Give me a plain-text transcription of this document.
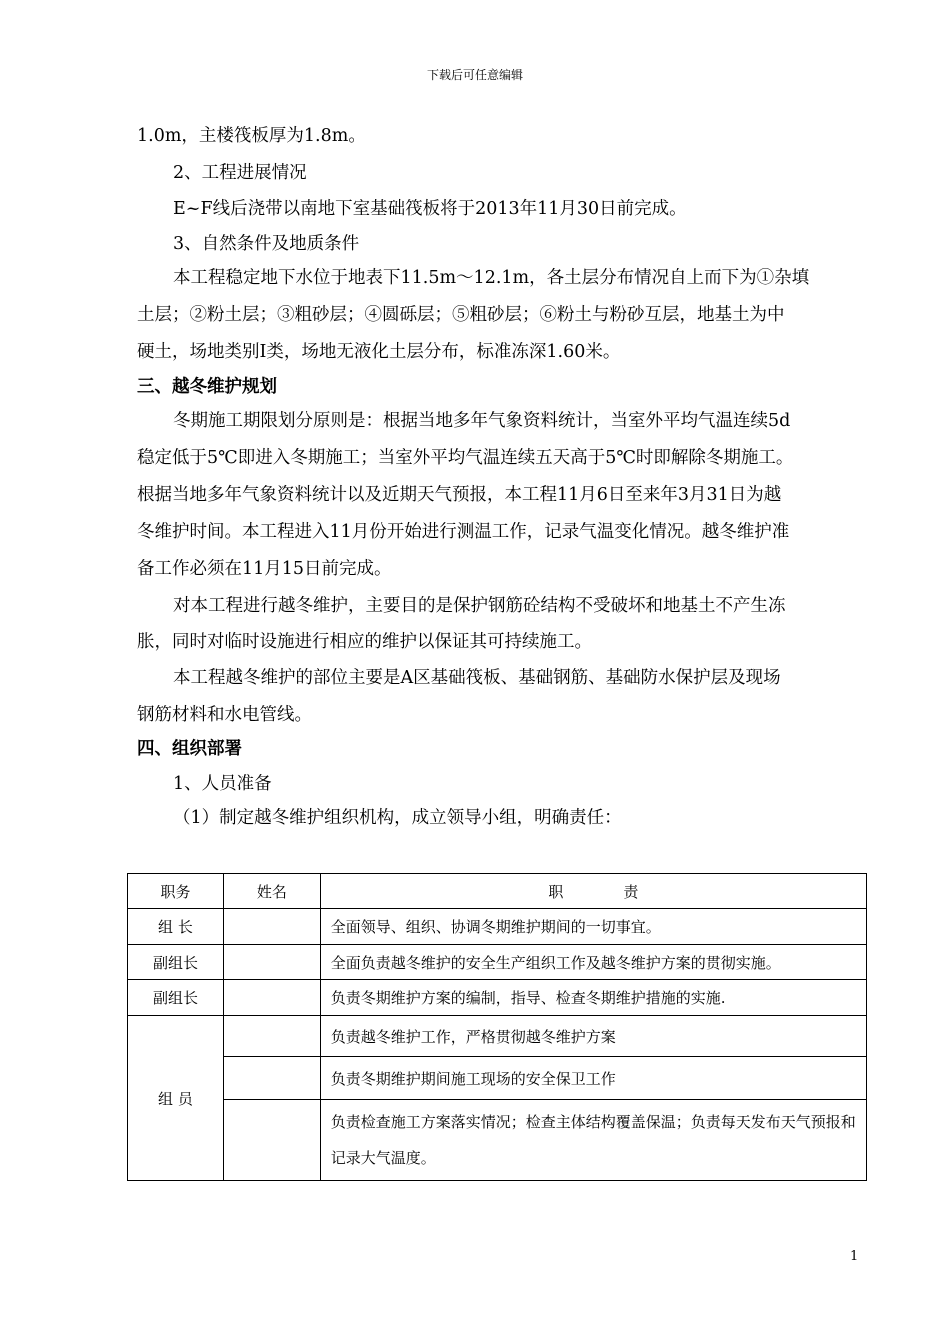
下载后可任意编辑
1.0m，主楼筏板厚为1.8m。
2、工程进展情况
E~F线后浇带以南地下室基础筏板将于2013年11月30日前完成。
3、自然条件及地质条件
本工程稳定地下水位于地表下11.5m～12.1m，各土层分布情况自上而下为①杂填
土层；②粉土层；③粗砂层；④圆砾层；⑤粗砂层；⑥粉土与粉砂互层，地基土为中
硬土，场地类别Ⅰ类，场地无液化土层分布，标准冻深1.60米。
三、越冬维护规划
冬期施工期限划分原则是：根据当地多年气象资料统计，当室外平均气温连续5d
稳定低于5℃即进入冬期施工；当室外平均气温连续五天高于5℃时即解除冬期施工。
根据当地多年气象资料统计以及近期天气预报，本工程11月6日至来年3月31日为越
冬维护时间。本工程进入11月份开始进行测温工作，记录气温变化情况。越冬维护准
备工作必须在11月15日前完成。
对本工程进行越冬维护，主要目的是保护钢筋砼结构不受破坏和地基土不产生冻
胀，同时对临时设施进行相应的维护以保证其可持续施工。
本工程越冬维护的部位主要是A区基础筏板、基础钢筋、基础防水保护层及现场
钢筋材料和水电管线。
四、组织部署
1、人员准备
（1）制定越冬维护组织机构，成立领导小组，明确责任：
职务	姓名	职　　　　责
组 长		全面领导、组织、协调冬期维护期间的一切事宜。
副组长		全面负责越冬维护的安全生产组织工作及越冬维护方案的贯彻实施。
副组长		负责冬期维护方案的编制，指导、检查冬期维护措施的实施.
组 员		负责越冬维护工作，严格贯彻越冬维护方案
		负责冬期维护期间施工现场的安全保卫工作
		负责检查施工方案落实情况；检查主体结构覆盖保温；负责每天发布天气预报和记录大气温度。
1
